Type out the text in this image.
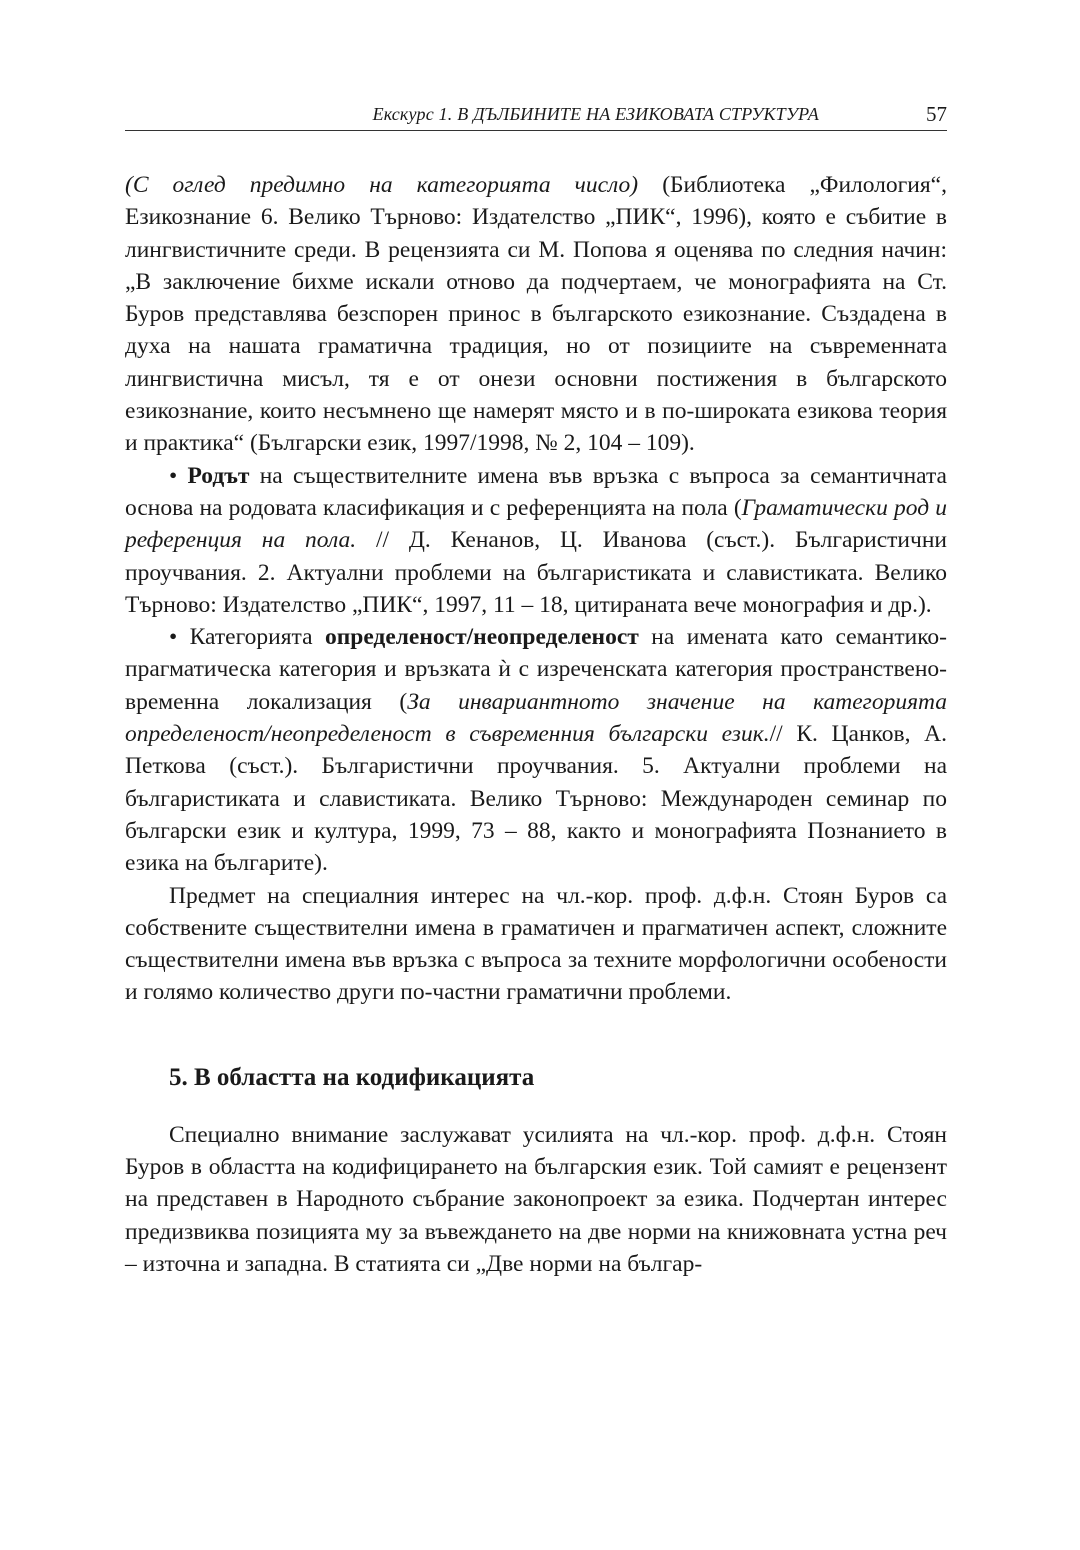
Екскурс 1. В ДЪЛБИНИТЕ НА ЕЗИКОВАТА СТРУКТУРА	57

(С оглед предимно на категорията число) (Библиотека „Филология“, Езикознание 6. Велико Търново: Издателство „ПИК“, 1996), която е събитие в лингвистичните среди. В рецензията си М. Попова я оценява по следния начин: „В заключение бихме искали отново да подчертаем, че монографията на Ст. Буров представлява безспорен принос в българското езикознание. Създадена в духа на нашата граматична традиция, но от позициите на съвременната лингвистична мисъл, тя е от онези основни постижения в българското езикознание, които несъмнено ще намерят място и в по-широката езикова теория и практика“ (Български език, 1997/1998, № 2, 104 – 109).

• Родът на съществителните имена във връзка с въпроса за семантичната основа на родовата класификация и с референцията на пола (Граматически род и референция на пола. // Д. Кенанов, Ц. Иванова (съст.). Българистични проучвания. 2. Актуални проблеми на българистиката и славистиката. Велико Търново: Издателство „ПИК“, 1997, 11 – 18, цитираната вече монография и др.).

• Категорията определеност/неопределеност на имената като семантико-прагматическа категория и връзката ѝ с изреченската категория пространствено-временна локализация (За инвариантното значение на категорията определеност/неопределеност в съвременния български език.// К. Цанков, А. Петкова (съст.). Българистични проучвания. 5. Актуални проблеми на българистиката и славистиката. Велико Търново: Международен семинар по български език и култура, 1999, 73 – 88, както и монографията Познанието в езика на българите).

Предмет на специалния интерес на чл.-кор. проф. д.ф.н. Стоян Буров са собствените съществителни имена в граматичен и прагматичен аспект, сложните съществителни имена във връзка с въпроса за техните морфологични особености и голямо количество други по-частни граматични проблеми.

5. В областта на кодификацията

Специално внимание заслужават усилията на чл.-кор. проф. д.ф.н. Стоян Буров в областта на кодифицирането на българския език. Той самият е рецензент на представен в Народното събрание законопроект за езика. Подчертан интерес предизвиква позицията му за въвеждането на две норми на книжовната устна реч – източна и западна. В статията си „Две норми на българ-
